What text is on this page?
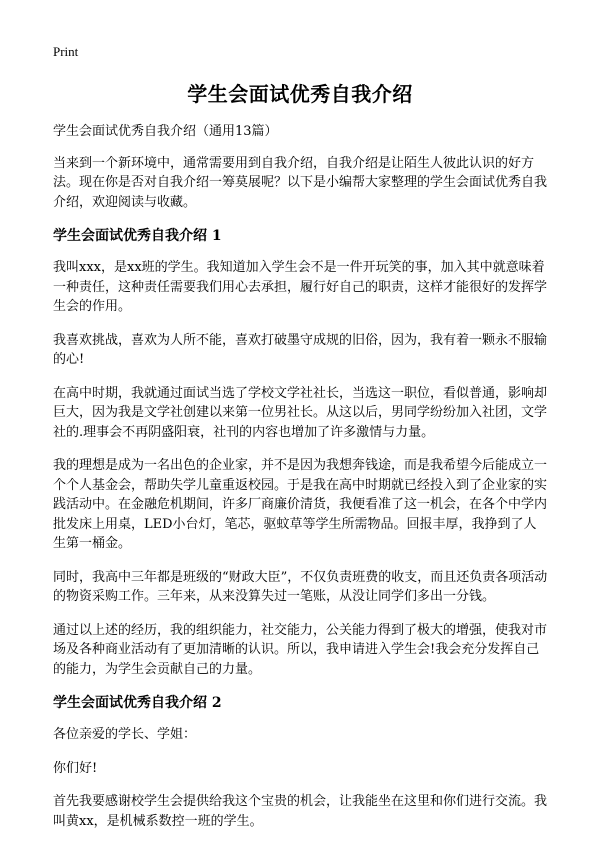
Print
学生会面试优秀自我介绍

学生会面试优秀自我介绍（通用13篇）

当来到一个新环境中，通常需要用到自我介绍，自我介绍是让陌生人彼此认识的好方法。现在你是否对自我介绍一筹莫展呢？以下是小编帮大家整理的学生会面试优秀自我介绍，欢迎阅读与收藏。

学生会面试优秀自我介绍 1

我叫xxx，是xx班的学生。我知道加入学生会不是一件开玩笑的事，加入其中就意味着一种责任，这种责任需要我们用心去承担，履行好自己的职责，这样才能很好的发挥学生会的作用。

我喜欢挑战，喜欢为人所不能，喜欢打破墨守成规的旧俗，因为，我有着一颗永不服输的心!

在高中时期，我就通过面试当选了学校文学社社长，当选这一职位，看似普通，影响却巨大，因为我是文学社创建以来第一位男社长。从这以后，男同学纷纷加入社团，文学社的.理事会不再阴盛阳衰，社刊的内容也增加了许多激情与力量。

我的理想是成为一名出色的企业家，并不是因为我想奔钱途，而是我希望今后能成立一个个人基金会，帮助失学儿童重返校园。于是我在高中时期就已经投入到了企业家的实践活动中。在金融危机期间，许多厂商廉价清货，我便看准了这一机会，在各个中学内批发床上用桌，LED小台灯，笔芯，驱蚊草等学生所需物品。回报丰厚，我挣到了人生第一桶金。

同时，我高中三年都是班级的“财政大臣”，不仅负责班费的收支，而且还负责各项活动的物资采购工作。三年来，从来没算失过一笔账，从没让同学们多出一分钱。

通过以上述的经历，我的组织能力，社交能力，公关能力得到了极大的增强，使我对市场及各种商业活动有了更加清晰的认识。所以，我申请进入学生会!我会充分发挥自己的能力，为学生会贡献自己的力量。

学生会面试优秀自我介绍 2

各位亲爱的学长、学姐：

你们好!

首先我要感谢校学生会提供给我这个宝贵的机会，让我能坐在这里和你们进行交流。我叫黄xx，是机械系数控一班的学生。
